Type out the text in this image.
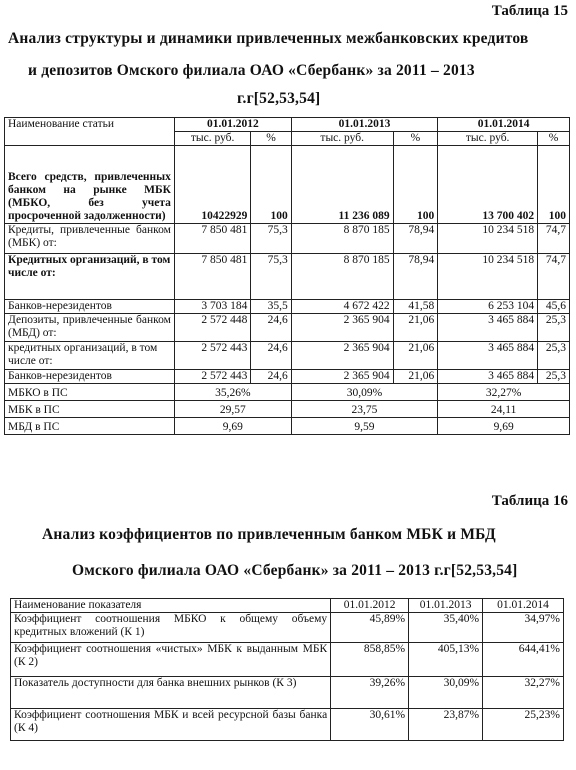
Таблица 15
Анализ структуры и динамики привлеченных межбанковских кредитов
и депозитов Омского филиала ОАО «Сбербанк» за 2011 – 2013
г.г[52,53,54]
Наименование статьи	01.01.2012		01.01.2013		01.01.2014	
	тыс. руб.	%	тыс. руб.	%	тыс. руб.	%
Всего средств, привлеченных банком на рынке МБК (МБКО, без учета просроченной задолженности)	10422929	100	11 236 089	100	13 700 402	100
Кредиты, привлеченные банком (МБК) от:	7 850 481	75,3	8 870 185	78,94	10 234 518	74,7
Кредитных организаций, в том числе от:	7 850 481	75,3	8 870 185	78,94	10 234 518	74,7
Банков-нерезидентов	3 703 184	35,5	4 672 422	41,58	6 253 104	45,6
Депозиты, привлеченные банком (МБД) от:	2 572 448	24,6	2 365 904	21,06	3 465 884	25,3
кредитных организаций, в том числе от:	2 572 443	24,6	2 365 904	21,06	3 465 884	25,3
Банков-нерезидентов	2 572 443	24,6	2 365 904	21,06	3 465 884	25,3
МБКО в ПС	35,26%		30,09%		32,27%	
МБК в ПС	29,57		23,75		24,11	
МБД в ПС	9,69		9,59		9,69	
Таблица 16
Анализ коэффициентов по привлеченным банком МБК и МБД
Омского филиала ОАО «Сбербанк» за 2011 – 2013 г.г[52,53,54]
Наименование показателя	01.01.2012	01.01.2013	01.01.2014
Коэффициент соотношения МБКО к общему объему кредитных вложений (К 1)	45,89%	35,40%	34,97%
Коэффициент соотношения «чистых» МБК к выданным МБК (К 2)	858,85%	405,13%	644,41%
Показатель доступности для банка внешних рынков (К 3)	39,26%	30,09%	32,27%
Коэффициент соотношения МБК и всей ресурсной базы банка (К 4)	30,61%	23,87%	25,23%
